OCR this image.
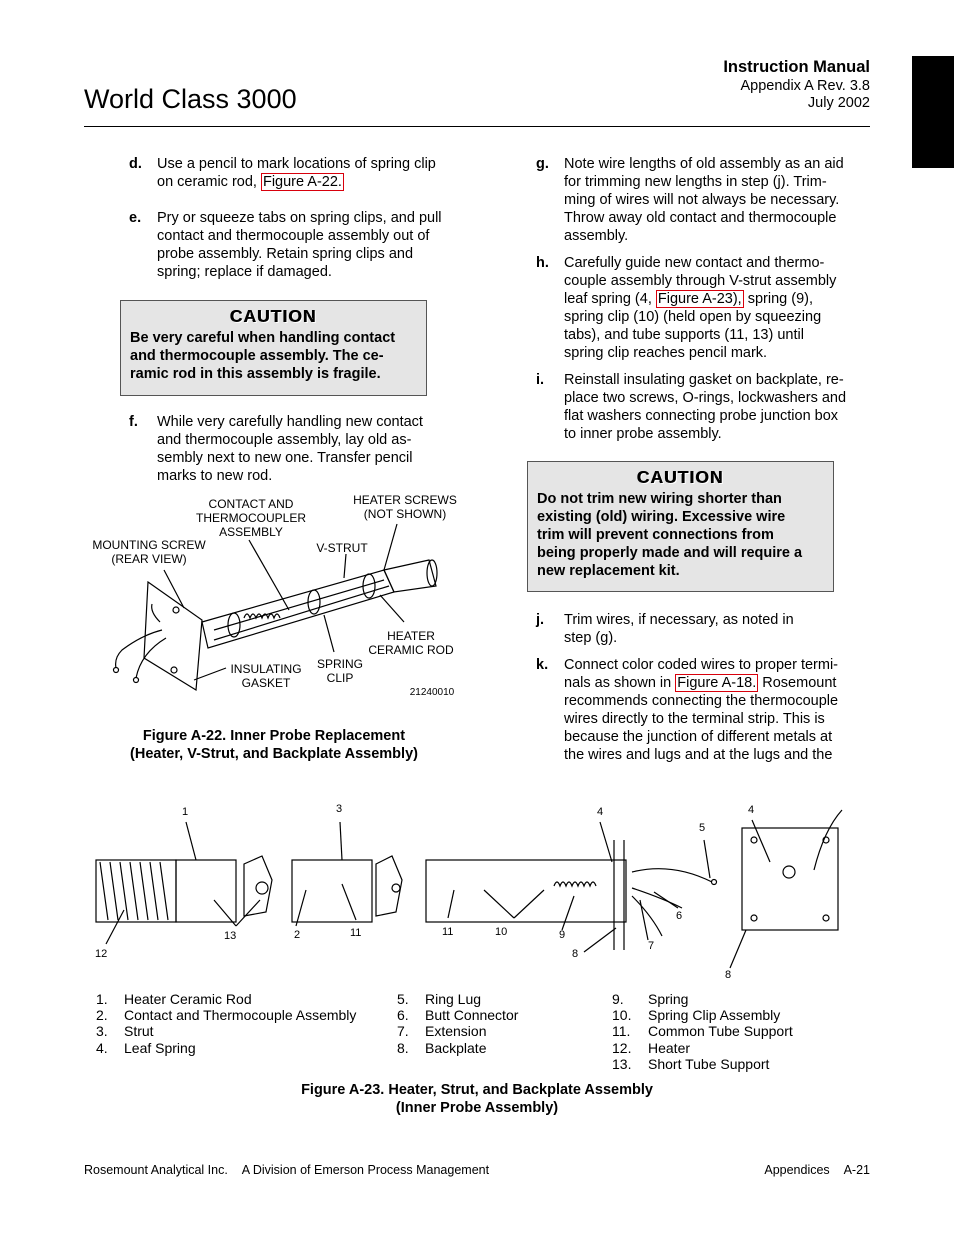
World Class 3000
Instruction Manual
Appendix A Rev. 3.8
July 2002
d. Use a pencil to mark locations of spring clip
on ceramic rod, Figure A-22.
e. Pry or squeeze tabs on spring clips, and pull
contact and thermocouple assembly out of
probe assembly. Retain spring clips and
spring; replace if damaged.
CAUTION
Be very careful when handling contact
and thermocouple assembly. The ce-
ramic rod in this assembly is fragile.
f. While very carefully handling new contact
and thermocouple assembly, lay old as-
sembly next to new one. Transfer pencil
marks to new rod.
CONTACT AND
THERMOCOUPLER
ASSEMBLY
HEATER SCREWS
(NOT SHOWN)
MOUNTING SCREW
(REAR VIEW)
V-STRUT
HEATER
CERAMIC ROD
SPRING
CLIP
INSULATING
GASKET
21240010
Figure A-22. Inner Probe Replacement
(Heater, V-Strut, and Backplate Assembly)
g. Note wire lengths of old assembly as an aid
for trimming new lengths in step (j). Trim-
ming of wires will not always be necessary.
Throw away old contact and thermocouple
assembly.
h. Carefully guide new contact and thermo-
couple assembly through V-strut assembly
leaf spring (4, Figure A-23), spring (9),
spring clip (10) (held open by squeezing
tabs), and tube supports (11, 13) until
spring clip reaches pencil mark.
i. Reinstall insulating gasket on backplate, re-
place two screws, O-rings, lockwashers and
flat washers connecting probe junction box
to inner probe assembly.
CAUTION
Do not trim new wiring shorter than
existing (old) wiring. Excessive wire
trim will prevent connections from
being properly made and will require a
new replacement kit.
j. Trim wires, if necessary, as noted in
step (g).
k. Connect color coded wires to proper termi-
nals as shown in Figure A-18. Rosemount
recommends connecting the thermocouple
wires directly to the terminal strip. This is
because the junction of different metals at
the wires and lugs and at the lugs and the
1	3	4	4
5
6
7
8
8
9
10
11
11
2
13
12
1. Heater Ceramic Rod
2. Contact and Thermocouple Assembly
3. Strut
4. Leaf Spring
5. Ring Lug
6. Butt Connector
7. Extension
8. Backplate
9. Spring
10. Spring Clip Assembly
11. Common Tube Support
12. Heater
13. Short Tube Support
Figure A-23. Heater, Strut, and Backplate Assembly
(Inner Probe Assembly)
Rosemount Analytical Inc. A Division of Emerson Process Management	Appendices A-21
